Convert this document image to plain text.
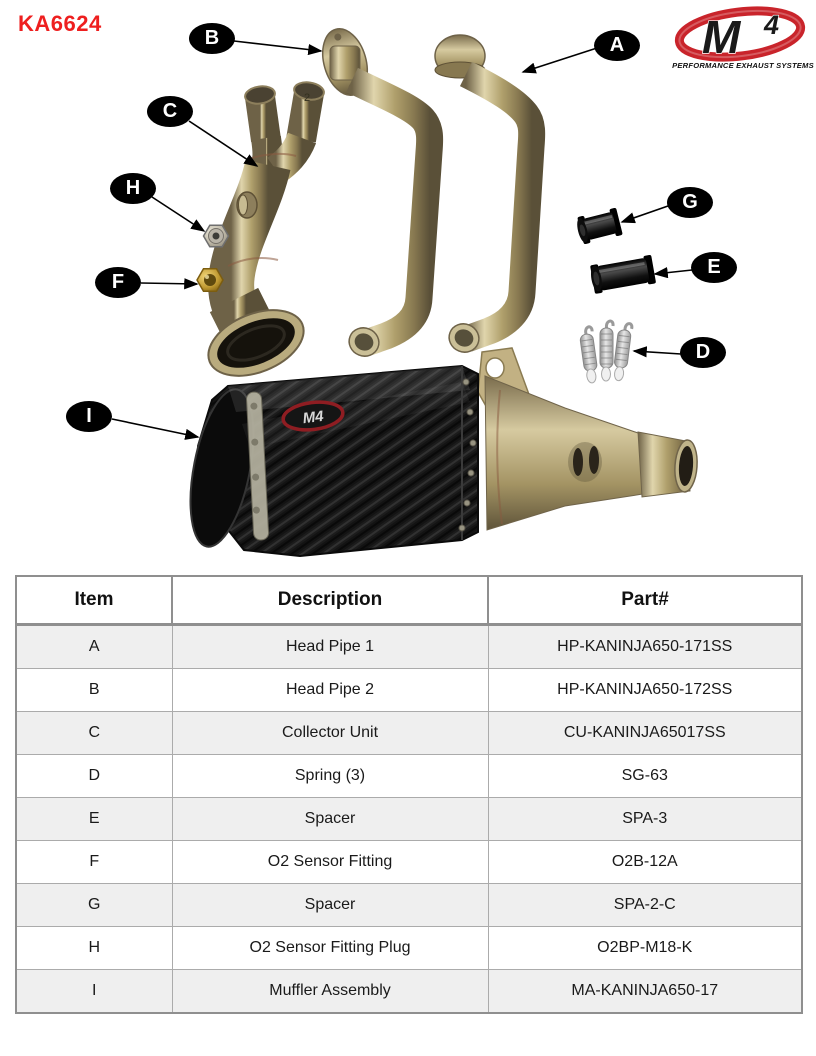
KA6624	M 4
PERFORMANCE EXHAUST SYSTEMS
1	2
M4
A
B
C
D
E
F
G
H
I
Item	Description	Part#
A	Head Pipe 1	HP-KANINJA650-171SS
B	Head Pipe 2	HP-KANINJA650-172SS
C	Collector Unit	CU-KANINJA65017SS
D	Spring (3)	SG-63
E	Spacer	SPA-3
F	O2 Sensor Fitting	O2B-12A
G	Spacer	SPA-2-C
H	O2 Sensor Fitting Plug	O2BP-M18-K
I	Muffler Assembly	MA-KANINJA650-17
